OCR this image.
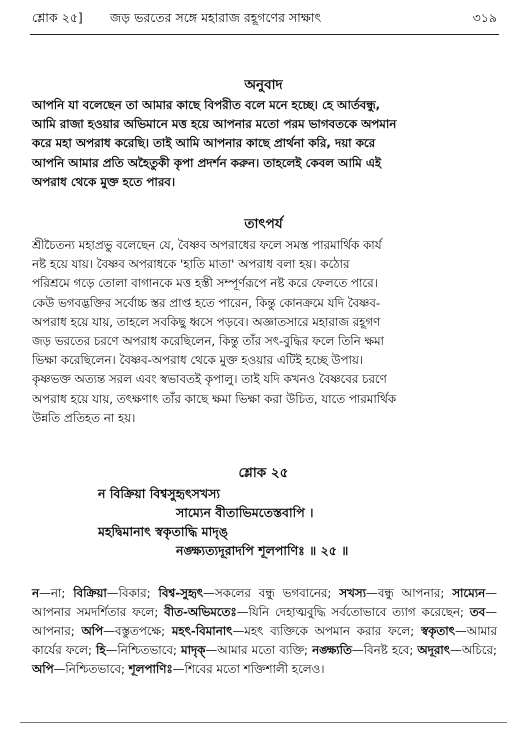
শ্লোক ২৫] জড় ভরতের সঙ্গে মহারাজ রহূগণের সাক্ষাৎ	৩১৯
অনুবাদ
আপনি যা বলেছেন তা আমার কাছে বিপরীত বলে মনে হচ্ছে। হে আর্তবন্ধু,
আমি রাজা হওয়ার অভিমানে মত্ত হয়ে আপনার মতো পরম ভাগবতকে অপমান
করে মহা অপরাধ করেছি। তাই আমি আপনার কাছে প্রার্থনা করি, দয়া করে
আপনি আমার প্রতি অহৈতুকী কৃপা প্রদর্শন করুন। তাহলেই কেবল আমি এই
অপরাধ থেকে মুক্ত হতে পারব।
তাৎপর্য
শ্রীচৈতন্য মহাপ্রভু বলেছেন যে, বৈষ্ণব অপরাধের ফলে সমস্ত পারমার্থিক কার্য
নষ্ট হয়ে যায়। বৈষ্ণব অপরাধকে 'হাতি মাতা' অপরাধ বলা হয়। কঠোর
পরিশ্রমে গড়ে তোলা বাগানকে মত্ত হস্তী সম্পূর্ণরূপে নষ্ট করে ফেলতে পারে।
কেউ ভগবদ্ভক্তির সর্বোচ্চ স্তর প্রাপ্ত হতে পারেন, কিন্তু কোনক্রমে যদি বৈষ্ণব-
অপরাধ হয়ে যায়, তাহলে সবকিছু ধ্বসে পড়বে। অজ্ঞাতসারে মহারাজ রহূগণ
জড় ভরতের চরণে অপরাধ করেছিলেন, কিন্তু তাঁর সৎ-বুদ্ধির ফলে তিনি ক্ষমা
ভিক্ষা করেছিলেন। বৈষ্ণব-অপরাধ থেকে মুক্ত হওয়ার এটিই হচ্ছে উপায়।
কৃষ্ণভক্ত অত্যন্ত সরল এবং স্বভাবতই কৃপালু। তাই যদি কখনও বৈষ্ণবের চরণে
অপরাধ হয়ে যায়, তৎক্ষণাৎ তাঁর কাছে ক্ষমা ভিক্ষা করা উচিত, যাতে পারমার্থিক
উন্নতি প্রতিহত না হয়।
শ্লোক ২৫
ন বিক্রিয়া বিশ্বসুহৃৎসখস্য
সাম্যেন বীতাভিমতেস্তবাপি ।
মহদ্বিমানাৎ স্বকৃতাদ্ধি মাদৃঙ্
নঙ্ক্ষ্যত্যদূরাদপি শূলপাণিঃ ॥ ২৫ ॥
ন—না; বিক্রিয়া—বিকার; বিশ্ব-সুহৃৎ—সকলের বন্ধু ভগবানের; সখস্য—বন্ধু আপনার; সাম্যেন—আপনার সমদর্শিতার ফলে; বীত-অভিমতেঃ—যিনি দেহাত্মবুদ্ধি সর্বতোভাবে ত্যাগ করেছেন; তব—আপনার; অপি—বস্তুতপক্ষে; মহৎ-বিমানাৎ—মহৎ ব্যক্তিকে অপমান করার ফলে; স্বকৃতাৎ—আমার কার্যের ফলে; হি—নিশ্চিতভাবে; মাদৃক্—আমার মতো ব্যক্তি; নঙ্ক্ষ্যতি—বিনষ্ট হবে; অদূরাৎ—অচিরে; অপি—নিশ্চিতভাবে; শূলপাণিঃ—শিবের মতো শক্তিশালী হলেও।
